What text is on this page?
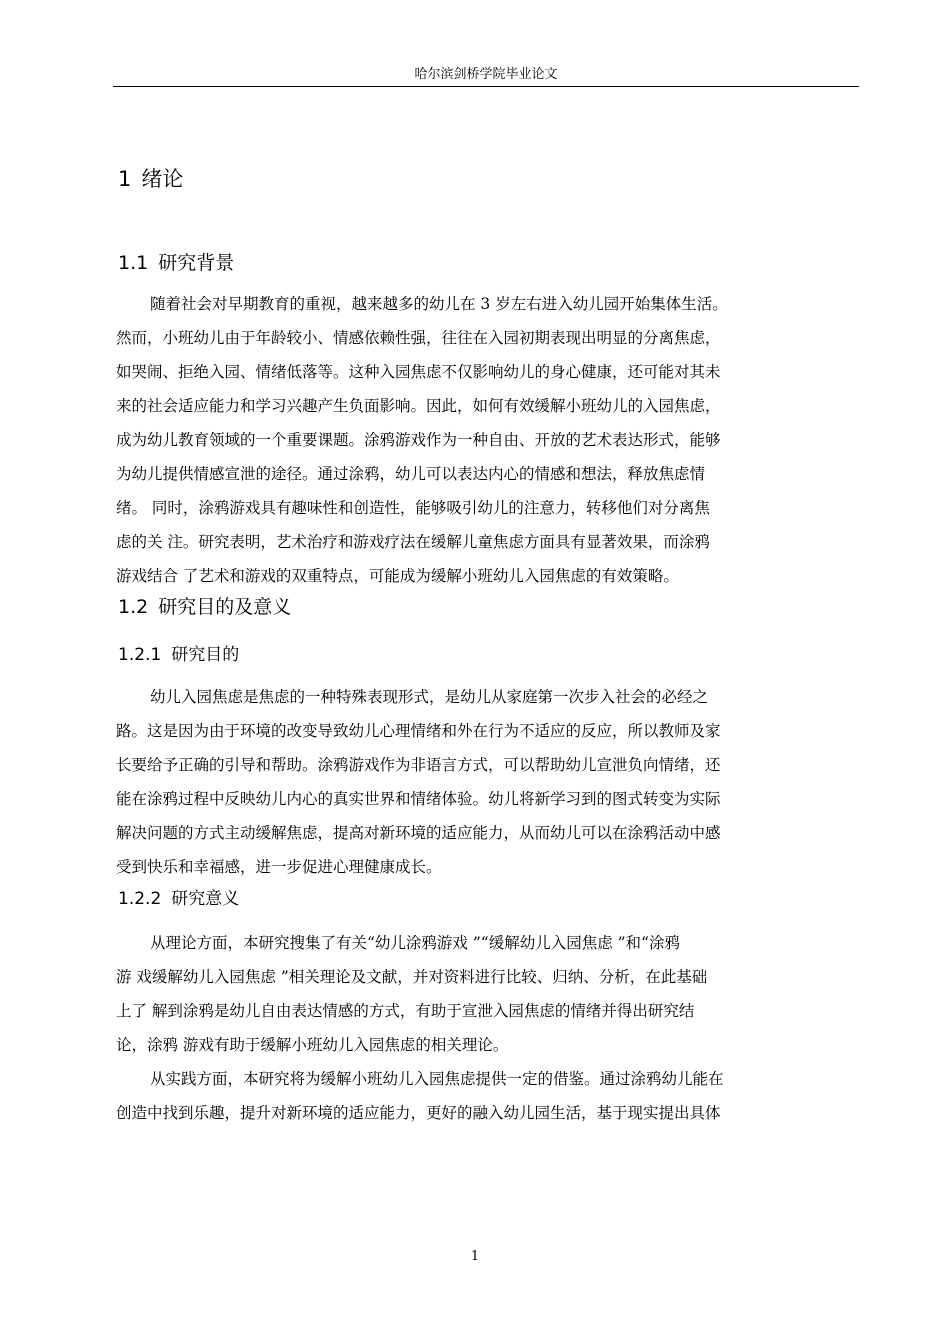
哈尔滨剑桥学院毕业论文
1 绪论
1.1 研究背景
随着社会对早期教育的重视，越来越多的幼儿在 3 岁左右进入幼儿园开始集体生活。
然而，小班幼儿由于年龄较小、情感依赖性强，往往在入园初期表现出明显的分离焦虑，
如哭闹、拒绝入园、情绪低落等。这种入园焦虑不仅影响幼儿的身心健康，还可能对其未
来的社会适应能力和学习兴趣产生负面影响。因此，如何有效缓解小班幼儿的入园焦虑，
成为幼儿教育领域的一个重要课题。涂鸦游戏作为一种自由、开放的艺术表达形式，能够
为幼儿提供情感宣泄的途径。通过涂鸦，幼儿可以表达内心的情感和想法，释放焦虑情
绪。 同时，涂鸦游戏具有趣味性和创造性，能够吸引幼儿的注意力，转移他们对分离焦
虑的关 注。研究表明，艺术治疗和游戏疗法在缓解儿童焦虑方面具有显著效果，而涂鸦
游戏结合 了艺术和游戏的双重特点，可能成为缓解小班幼儿入园焦虑的有效策略。
1.2 研究目的及意义
1.2.1 研究目的
幼儿入园焦虑是焦虑的一种特殊表现形式，是幼儿从家庭第一次步入社会的必经之
路。这是因为由于环境的改变导致幼儿心理情绪和外在行为不适应的反应，所以教师及家
长要给予正确的引导和帮助。涂鸦游戏作为非语言方式，可以帮助幼儿宣泄负向情绪，还
能在涂鸦过程中反映幼儿内心的真实世界和情绪体验。幼儿将新学习到的图式转变为实际
解决问题的方式主动缓解焦虑，提高对新环境的适应能力，从而幼儿可以在涂鸦活动中感
受到快乐和幸福感，进一步促进心理健康成长。
1.2.2 研究意义
从理论方面，本研究搜集了有关“幼儿涂鸦游戏 ”“缓解幼儿入园焦虑 ”和“涂鸦
游 戏缓解幼儿入园焦虑 ”相关理论及文献，并对资料进行比较、归纳、分析，在此基础
上了 解到涂鸦是幼儿自由表达情感的方式，有助于宣泄入园焦虑的情绪并得出研究结
论，涂鸦 游戏有助于缓解小班幼儿入园焦虑的相关理论。
从实践方面，本研究将为缓解小班幼儿入园焦虑提供一定的借鉴。通过涂鸦幼儿能在
创造中找到乐趣，提升对新环境的适应能力，更好的融入幼儿园生活，基于现实提出具体
1
